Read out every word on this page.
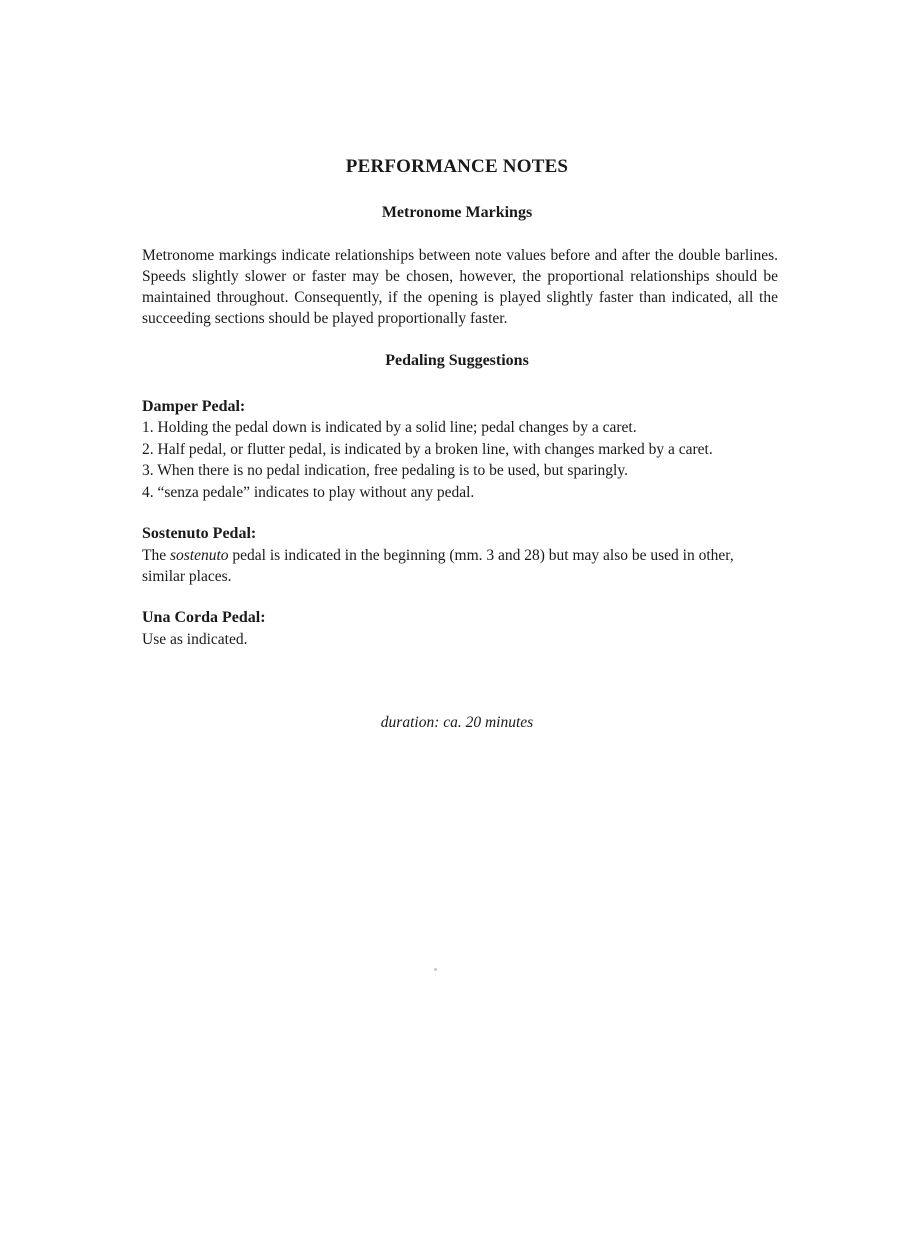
PERFORMANCE NOTES
Metronome Markings
Metronome markings indicate relationships between note values before and after the double barlines. Speeds slightly slower or faster may be chosen, however, the proportional relationships should be maintained throughout. Consequently, if the opening is played slightly faster than indicated, all the succeeding sections should be played proportionally faster.
Pedaling Suggestions
Damper Pedal:
1. Holding the pedal down is indicated by a solid line; pedal changes by a caret.
2. Half pedal, or flutter pedal, is indicated by a broken line, with changes marked by a caret.
3. When there is no pedal indication, free pedaling is to be used, but sparingly.
4. “senza pedale” indicates to play without any pedal.
Sostenuto Pedal:
The sostenuto pedal is indicated in the beginning (mm. 3 and 28) but may also be used in other, similar places.
Una Corda Pedal:
Use as indicated.
duration: ca. 20 minutes
